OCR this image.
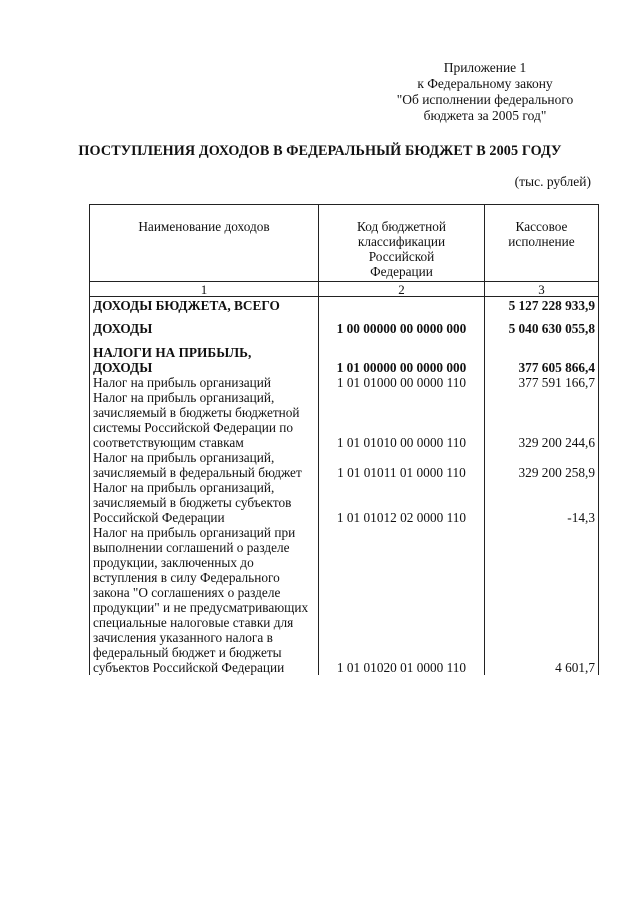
Приложение 1
к Федеральному закону
"Об исполнении федерального
бюджета за 2005 год"
ПОСТУПЛЕНИЯ ДОХОДОВ В ФЕДЕРАЛЬНЫЙ БЮДЖЕТ В 2005 ГОДУ
(тыс. рублей)
Наименование доходов	Код бюджетной классификации Российской Федерации	Кассовое исполнение
1	2	3
ДОХОДЫ БЮДЖЕТА, ВСЕГО		5 127 228 933,9
ДОХОДЫ	1 00 00000 00 0000 000	5 040 630 055,8
НАЛОГИ НА ПРИБЫЛЬ, ДОХОДЫ	1 01 00000 00 0000 000	377 605 866,4
Налог на прибыль организаций	1 01 01000 00 0000 110	377 591 166,7
Налог на прибыль организаций, зачисляемый в бюджеты бюджетной системы Российской Федерации по соответствующим ставкам	1 01 01010 00 0000 110	329 200 244,6
Налог на прибыль организаций, зачисляемый в федеральный бюджет	1 01 01011 01 0000 110	329 200 258,9
Налог на прибыль организаций, зачисляемый в бюджеты субъектов Российской Федерации	1 01 01012 02 0000 110	-14,3
Налог на прибыль организаций при выполнении соглашений о разделе продукции, заключенных до вступления в силу Федерального закона "О соглашениях о разделе продукции" и не предусматривающих специальные налоговые ставки для зачисления указанного налога в федеральный бюджет и бюджеты субъектов Российской Федерации	1 01 01020 01 0000 110	4 601,7
